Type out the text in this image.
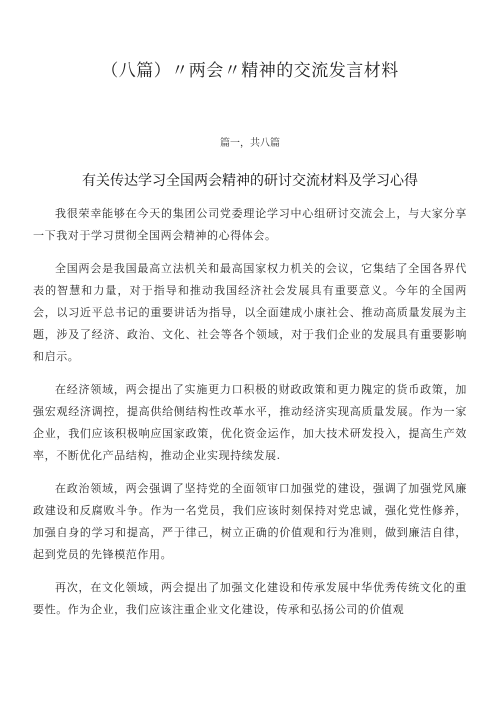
（八篇）〃两会〃精神的交流发言材料
篇一，共八篇
有关传达学习全国两会精神的研讨交流材料及学习心得

我很荣幸能够在今天的集团公司党委理论学习中心组研讨交流会上，与大家分享一下我对于学习贯彻全国两会精神的心得体会。

全国两会是我国最高立法机关和最高国家权力机关的会议，它集结了全国各界代表的智慧和力量，对于指导和推动我国经济社会发展具有重要意义。今年的全国两会，以习近平总书记的重要讲话为指导，以全面建成小康社会、推动高质量发展为主题，涉及了经济、政治、文化、社会等各个领域，对于我们企业的发展具有重要影响和启示。

在经济领域，两会提出了实施更力口积极的财政政策和更力隗定的货币政策，加强宏观经济调控，提高供给侧结构性改革水平，推动经济实现高质量发展。作为一家企业，我们应该积极响应国家政策，优化资金运作，加大技术研发投入，提高生产效率，不断优化产品结构，推动企业实现持续发展.

在政治领域，两会强调了坚持党的全面领审口加强党的建设，强调了加强党风廉政建设和反腐败斗争。作为一名党员，我们应该时刻保持对党忠诚，强化党性修养，加强自身的学习和提高，严于律己，树立正确的价值观和行为准则，做到廉洁自律，起到党员的先锋模范作用。

再次，在文化领域，两会提出了加强文化建设和传承发展中华优秀传统文化的重要性。作为企业，我们应该注重企业文化建设，传承和弘扬公司的价值观
